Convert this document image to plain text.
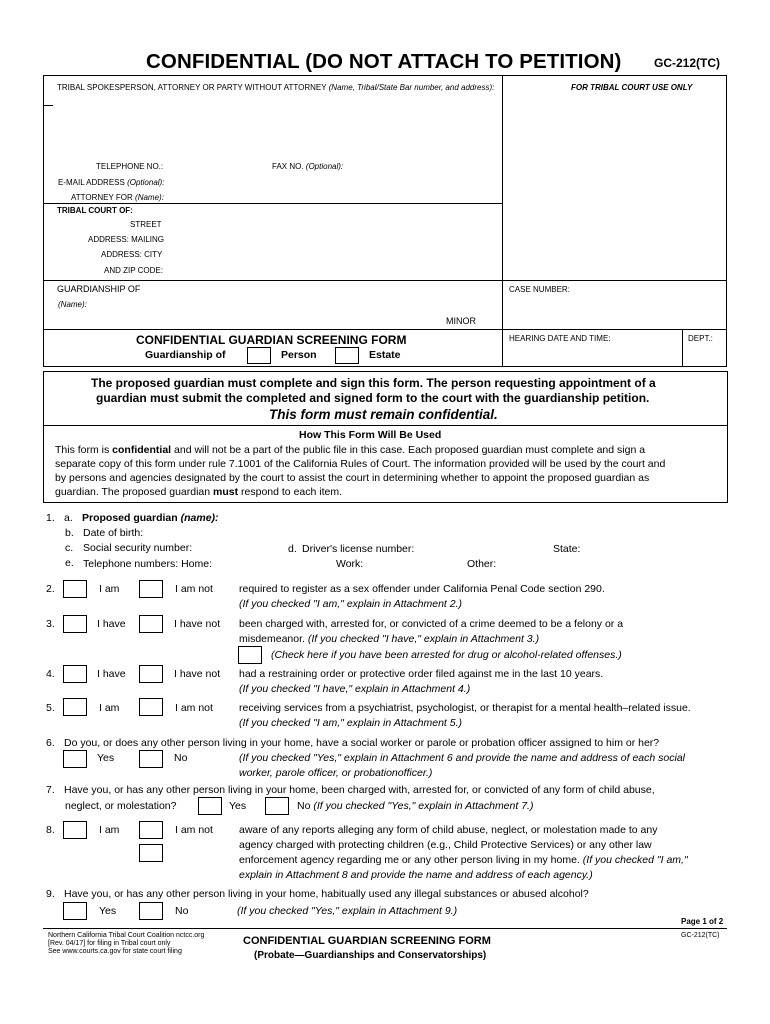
CONFIDENTIAL (DO NOT ATTACH TO PETITION)	GC-212(TC)
TRIBAL SPOKESPERSON, ATTORNEY OR PARTY WITHOUT ATTORNEY (Name, Tribal/State Bar number, and address):	FOR TRIBAL COURT USE ONLY
TELEPHONE NO.:	FAX NO. (Optional):
E-MAIL ADDRESS (Optional):
ATTORNEY FOR (Name):
TRIBAL COURT OF:
STREET
ADDRESS: MAILING
ADDRESS: CITY
AND ZIP CODE:
GUARDIANSHIP OF
(Name):
MINOR
CASE NUMBER:
CONFIDENTIAL GUARDIAN SCREENING FORM
Guardianship of	Person	Estate
HEARING DATE AND TIME:	DEPT.:
The proposed guardian must complete and sign this form. The person requesting appointment of a
guardian must submit the completed and signed form to the court with the guardianship petition.
This form must remain confidential.
How This Form Will Be Used
This form is confidential and will not be a part of the public file in this case. Each proposed guardian must complete and sign a
separate copy of this form under rule 7.1001 of the California Rules of Court. The information provided will be used by the court and
by persons and agencies designated by the court to assist the court in determining whether to appoint the proposed guardian as
guardian. The proposed guardian must respond to each item.
1. a. Proposed guardian (name):
b. Date of birth:
c. Social security number:	d. Driver's license number:	State:
e. Telephone numbers: Home:	Work:	Other:
2.	I am	I am not required to register as a sex offender under California Penal Code section 290.
(If you checked "I am," explain in Attachment 2.)
3.	I have	I have not been charged with, arrested for, or convicted of a crime deemed to be a felony or a
misdemeanor. (If you checked "I have," explain in Attachment 3.)
(Check here if you have been arrested for drug or alcohol-related offenses.)
4.	I have	I have not had a restraining order or protective order filed against me in the last 10 years.
(If you checked "I have," explain in Attachment 4.)
5.	I am	I am not receiving services from a psychiatrist, psychologist, or therapist for a mental health–related issue.
(If you checked "I am," explain in Attachment 5.)
6. Do you, or does any other person living in your home, have a social worker or parole or probation officer assigned to him or her?
Yes	No	(If you checked "Yes," explain in Attachment 6 and provide the name and address of each social
worker, parole officer, or probationofficer.)
7. Have you, or has any other person living in your home, been charged with, arrested for, or convicted of any form of child abuse,
neglect, or molestation?	Yes	No (If you checked "Yes," explain in Attachment 7.)
8.	I am	I am not aware of any reports alleging any form of child abuse, neglect, or molestation made to any
agency charged with protecting children (e.g., Child Protective Services) or any other law
enforcement agency regarding me or any other person living in my home. (If you checked "I am,"
explain in Attachment 8 and provide the name and address of each agency.)
9. Have you, or has any other person living in your home, habitually used any illegal substances or abused alcohol?
Yes	No	(If you checked "Yes," explain in Attachment 9.)
Page 1 of 2
Northern California Tribal Court Coalition nctcc.org
[Rev. 04/17] for filing in Tribal court only
See www.courts.ca.gov for state court filing
CONFIDENTIAL GUARDIAN SCREENING FORM
(Probate—Guardianships and Conservatorships)
GC-212(TC)
